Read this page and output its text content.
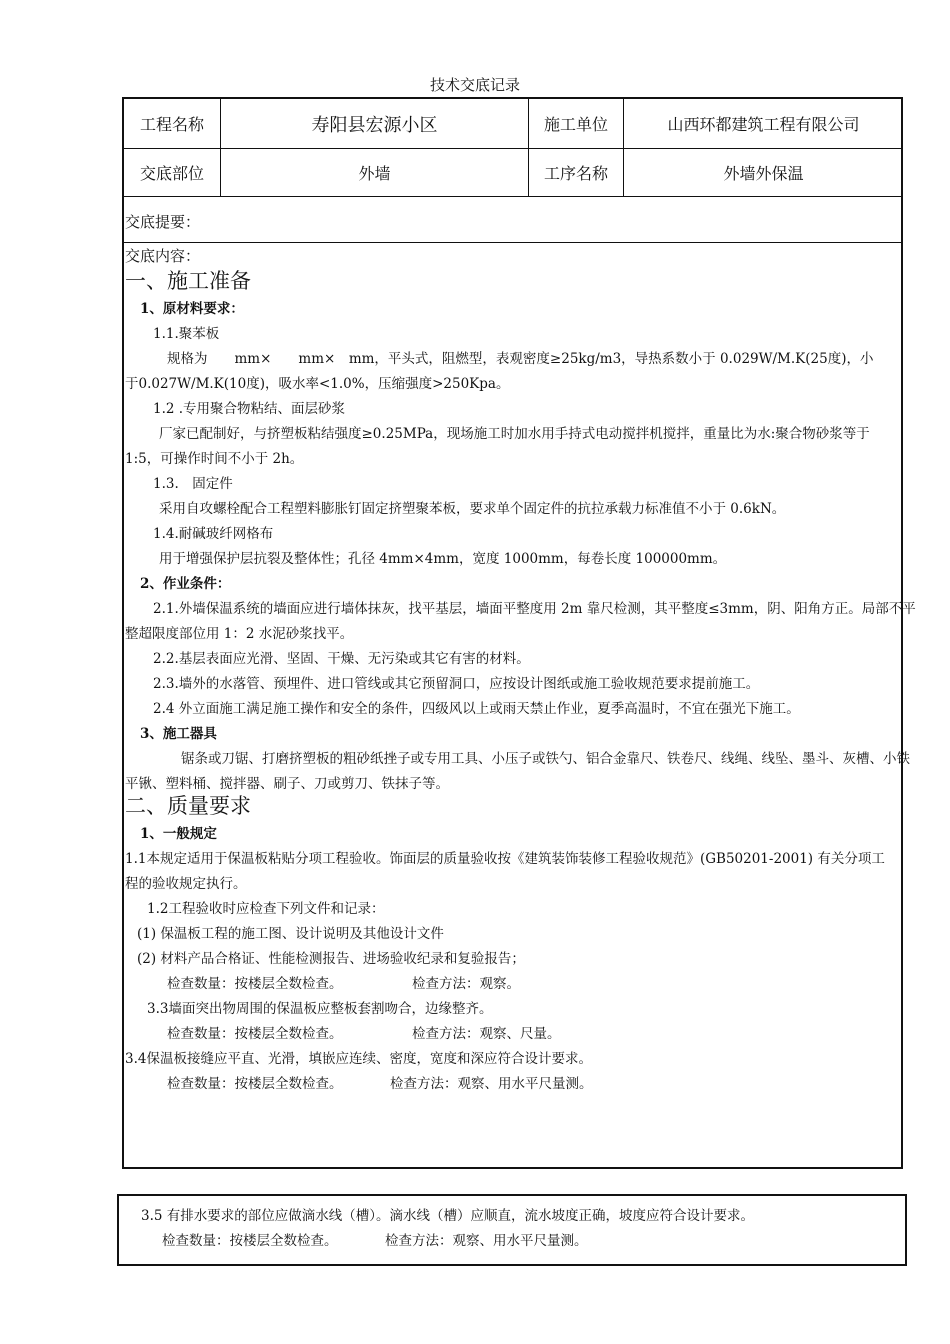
技术交底记录
工程名称	寿阳县宏源小区	施工单位	山西环都建筑工程有限公司
交底部位	外墙	工序名称	外墙外保温
交底提要：
交底内容：
一、施工准备
1、原材料要求：
1.1.聚苯板
规格为　　mm×　　mm×　mm，平头式，阻燃型，表观密度≥25kg/m3，导热系数小于 0.029W/M.K(25度)，小
于0.027W/M.K(10度)，吸水率<1.0%，压缩强度>250Kpa。
1.2 .专用聚合物粘结、面层砂浆
厂家已配制好，与挤塑板粘结强度≥0.25MPa，现场施工时加水用手持式电动搅拌机搅拌，重量比为水:聚合物砂浆等于
1:5，可操作时间不小于 2h。
1.3.　固定件
采用自攻螺栓配合工程塑料膨胀钉固定挤塑聚苯板，要求单个固定件的抗拉承载力标准值不小于 0.6kN。
1.4.耐碱玻纤网格布
用于增强保护层抗裂及整体性；孔径 4mm×4mm，宽度 1000mm，每卷长度 100000mm。
2、作业条件：
2.1.外墙保温系统的墙面应进行墙体抹灰，找平基层，墙面平整度用 2m 靠尺检测，其平整度≤3mm，阴、阳角方正。局部不平
整超限度部位用 1：2 水泥砂浆找平。
2.2.基层表面应光滑、坚固、干燥、无污染或其它有害的材料。
2.3.墙外的水落管、预埋件、进口管线或其它预留洞口，应按设计图纸或施工验收规范要求提前施工。
2.4 外立面施工满足施工操作和安全的条件，四级风以上或雨天禁止作业，夏季高温时，不宜在强光下施工。
3、施工器具
锯条或刀锯、打磨挤塑板的粗砂纸挫子或专用工具、小压子或铁勺、铝合金靠尺、铁卷尺、线绳、线坠、墨斗、灰槽、小铁
平锹、塑料桶、搅拌器、刷子、刀或剪刀、铁抹子等。
二、质量要求
1、一般规定
1.1本规定适用于保温板粘贴分项工程验收。饰面层的质量验收按《建筑装饰装修工程验收规范》(GB50201-2001) 有关分项工
程的验收规定执行。
1.2工程验收时应检查下列文件和记录：
(1) 保温板工程的施工图、设计说明及其他设计文件
(2) 材料产品合格证、性能检测报告、进场验收纪录和复验报告；
检查数量：按楼层全数检查。	检查方法：观察。
3.3墙面突出物周围的保温板应整板套割吻合，边缘整齐。
检查数量：按楼层全数检查。	检查方法：观察、尺量。
3.4保温板接缝应平直、光滑，填嵌应连续、密度，宽度和深应符合设计要求。
检查数量：按楼层全数检查。	检查方法：观察、用水平尺量测。
3.5 有排水要求的部位应做滴水线（槽）。滴水线（槽）应顺直，流水坡度正确，坡度应符合设计要求。
检查数量：按楼层全数检查。	检查方法：观察、用水平尺量测。
